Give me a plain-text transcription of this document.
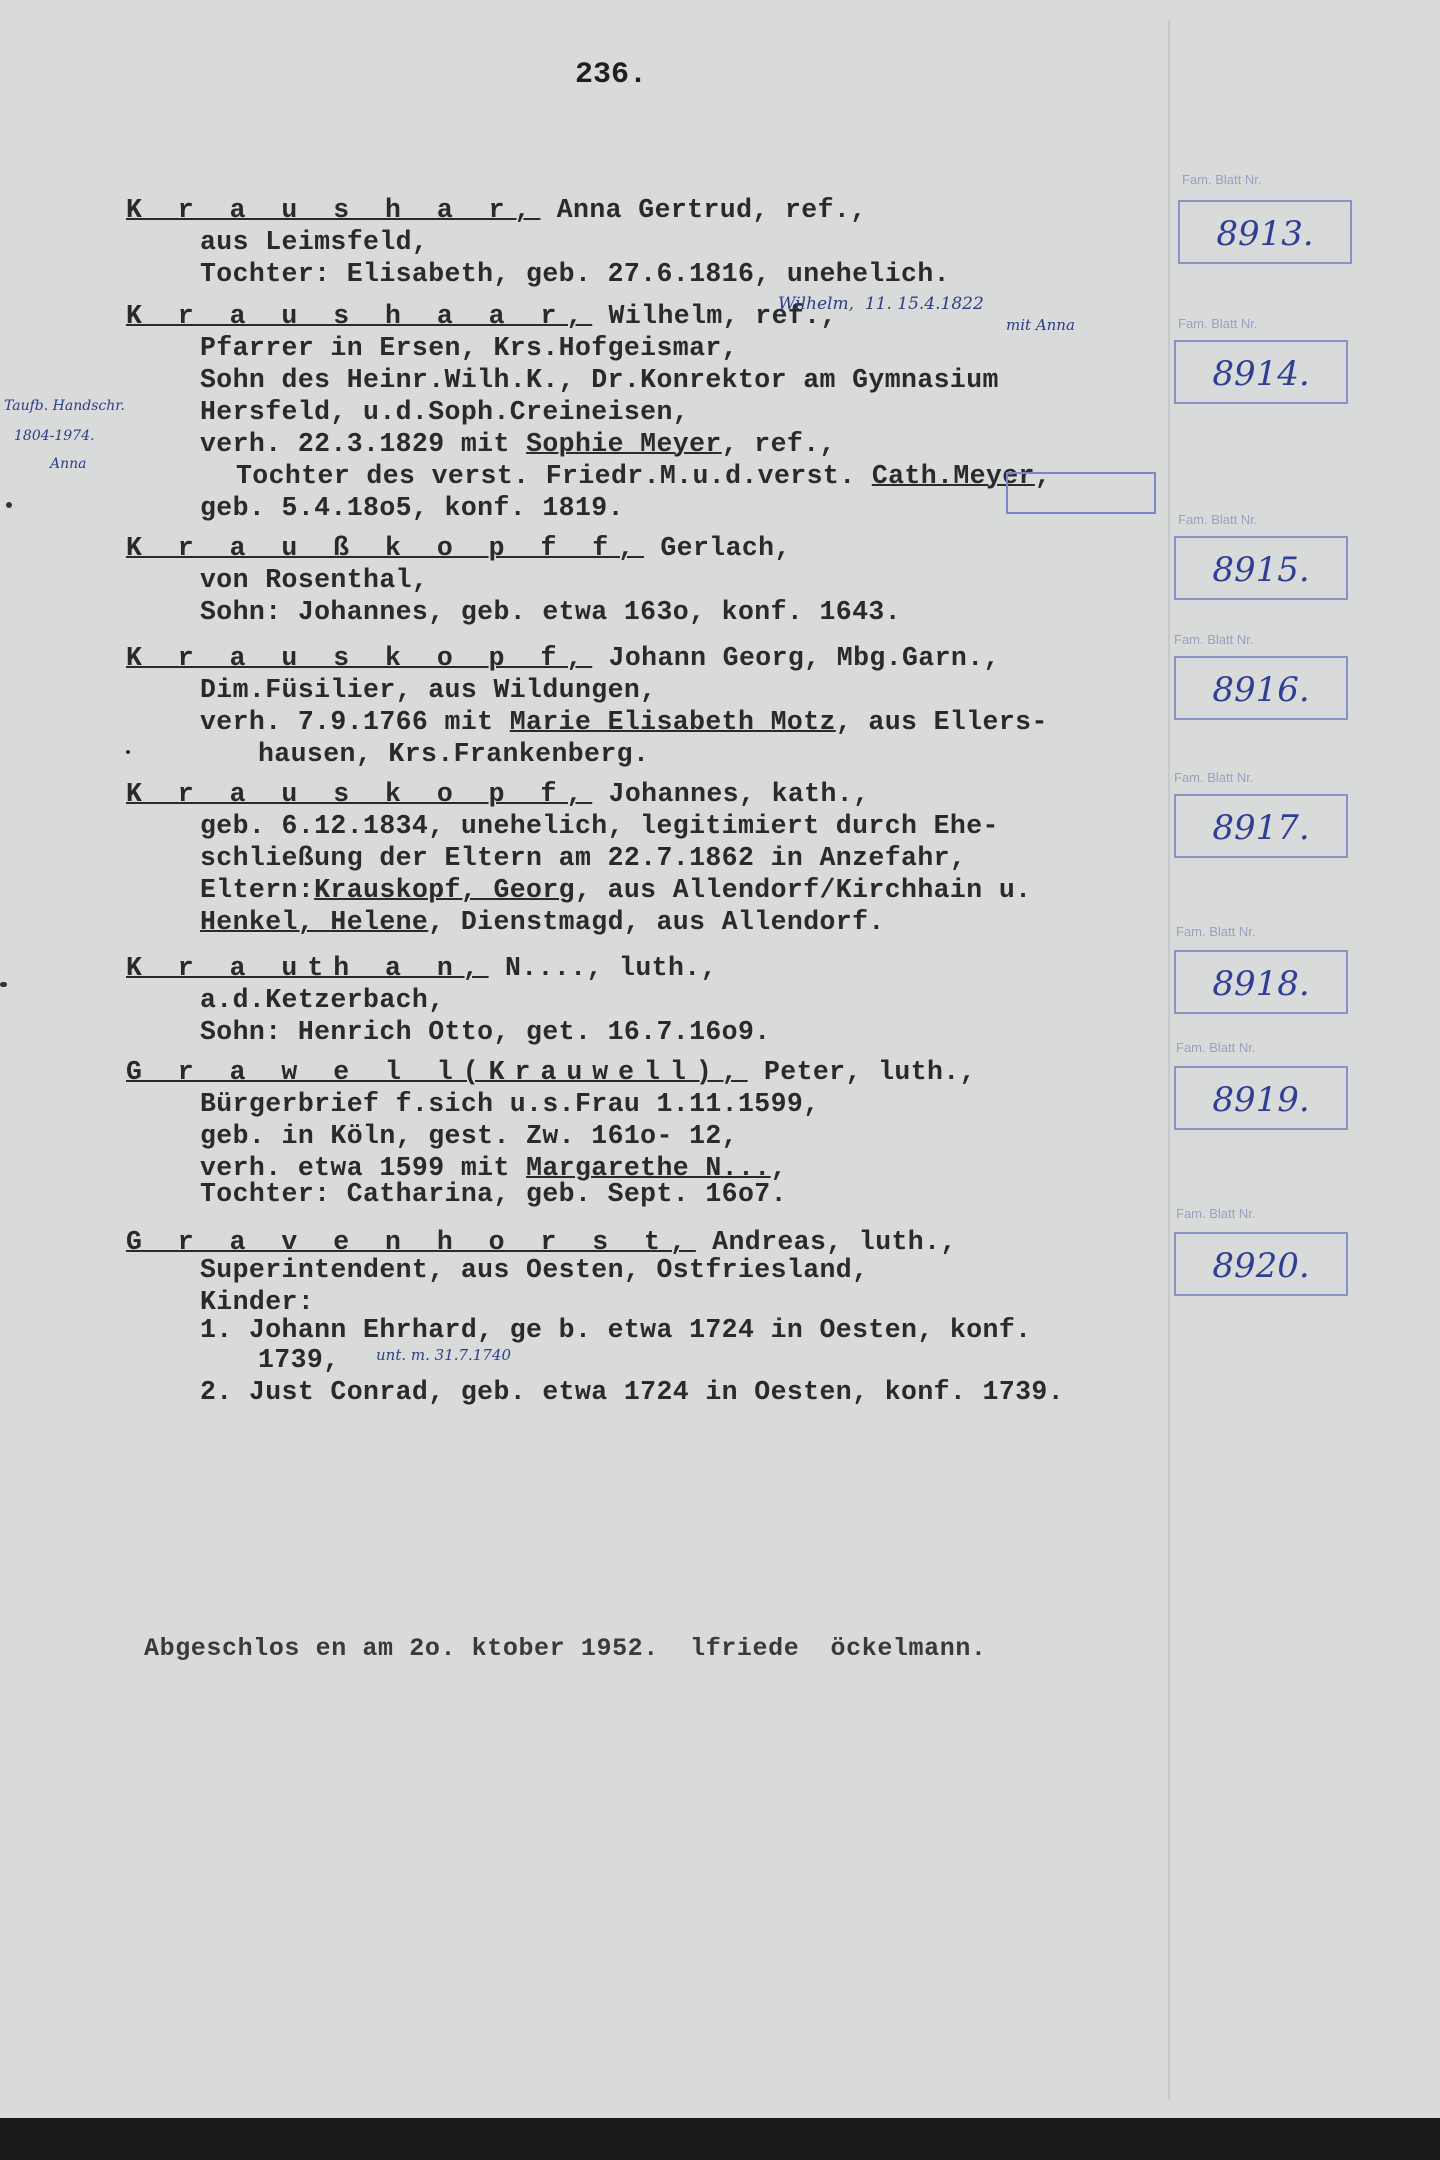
236.
K r a u s h a r, Anna Gertrud, ref.,
aus Leimsfeld,
Tochter: Elisabeth, geb. 27.6.1816, unehelich.
Fam. Blatt Nr.
8913.
K r a u s h a a r, Wilhelm, ref.,
Wilhelm,  11. 15.4.1822
mit Anna
Pfarrer in Ersen, Krs.Hofgeismar,
Sohn des Heinr.Wilh.K., Dr.Konrektor am Gymnasium
Hersfeld, u.d.Soph.Creineisen,
verh. 22.3.1829 mit Sophie Meyer, ref.,
Tochter des verst. Friedr.M.u.d.verst. Cath.Meyer,
geb. 5.4.18o5, konf. 1819.
Taufb. Handschr.
1804-1974.
Anna
Fam. Blatt Nr.
8914.
K r a u ß k o p f f, Gerlach,
von Rosenthal,
Sohn: Johannes, geb. etwa 163o, konf. 1643.
Fam. Blatt Nr.
8915.
K r a u s k o p f, Johann Georg, Mbg.Garn.,
Dim.Füsilier, aus Wildungen,
verh. 7.9.1766 mit Marie Elisabeth Motz, aus Ellers-
hausen, Krs.Frankenberg.
Fam. Blatt Nr.
8916.
K r a u s k o p f, Johannes, kath.,
geb. 6.12.1834, unehelich, legitimiert durch Ehe-
schließung der Eltern am 22.7.1862 in Anzefahr,
Eltern:Krauskopf, Georg, aus Allendorf/Kirchhain u.
Henkel, Helene, Dienstmagd, aus Allendorf.
Fam. Blatt Nr.
8917.
K r a uth a n, N...., luth.,
a.d.Ketzerbach,
Sohn: Henrich Otto, get. 16.7.16o9.
Fam. Blatt Nr.
8918.
G r a w e l l(Krauwell), Peter, luth.,
Bürgerbrief f.sich u.s.Frau 1.11.1599,
geb. in Köln, gest. Zw. 161o- 12,
verh. etwa 1599 mit Margarethe N...,
Tochter: Catharina, geb. Sept. 16o7.
Fam. Blatt Nr.
8919.
G r a v e n h o r s t, Andreas, luth.,
Superintendent, aus Oesten, Ostfriesland,
Kinder:
1. Johann Ehrhard, ge b. etwa 1724 in Oesten, konf.
1739, unt. m. 31.7.1740
2. Just Conrad, geb. etwa 1724 in Oesten, konf. 1739.
Fam. Blatt Nr.
8920.
Abgeschlos en am 2o. ktober 1952.  lfriede  öckelmann.
